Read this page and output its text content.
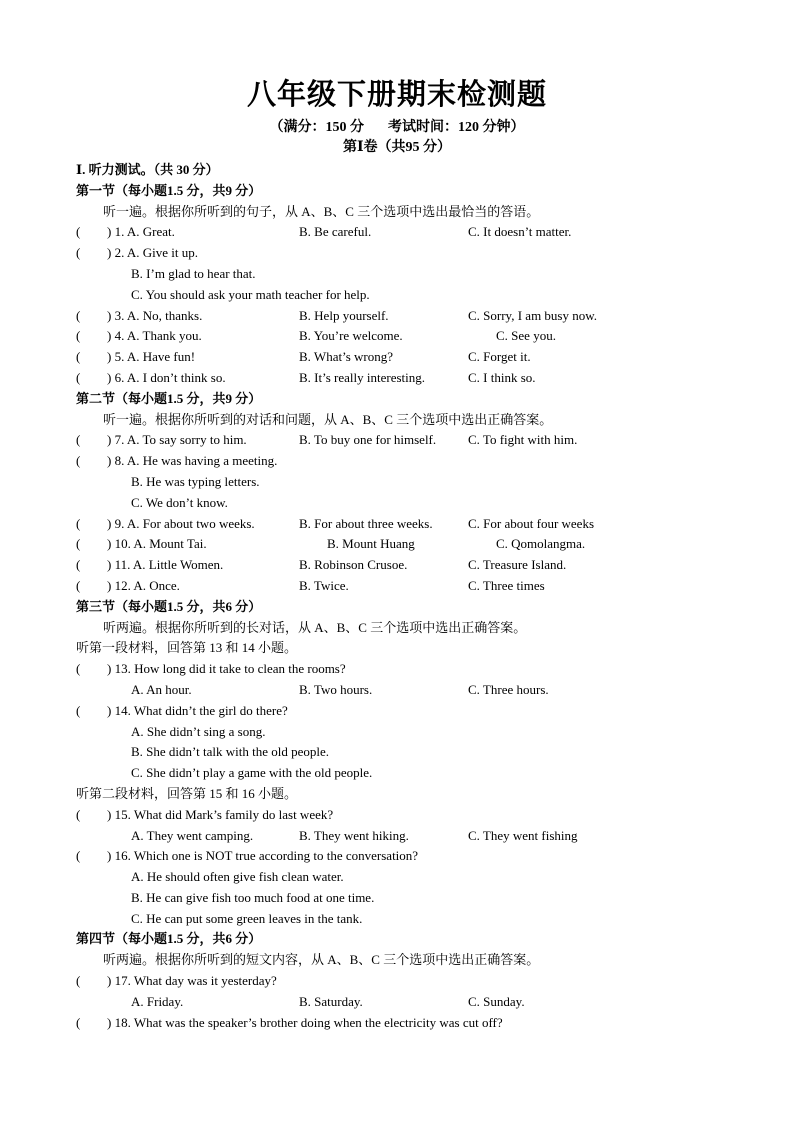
八年级下册期末检测题
（满分：150 分 考试时间：120 分钟）
第Ⅰ卷（共95 分）
Ⅰ. 听力测试。（共 30 分）
第一节（每小题1.5 分，共9 分）
听一遍。根据你所听到的句子，从 A、B、C 三个选项中选出最恰当的答语。
( ) 1. A. Great.	B. Be careful.	C. It doesn’t matter.
( ) 2. A. Give it up.
B. I’m glad to hear that.
C. You should ask your math teacher for help.
( ) 3. A. No, thanks.	B. Help yourself.	C. Sorry, I am busy now.
( ) 4. A. Thank you.	B. You’re welcome.	C. See you.
( ) 5. A. Have fun!	B. What’s wrong?	C. Forget it.
( ) 6. A. I don’t think so.	B. It’s really interesting.	C. I think so.
第二节（每小题1.5 分，共9 分）
听一遍。根据你所听到的对话和问题，从 A、B、C 三个选项中选出正确答案。
( ) 7. A. To say sorry to him.	B. To buy one for himself. C. To fight with him.
( ) 8. A. He was having a meeting.
B. He was typing letters.
C. We don’t know.
( ) 9. A. For about two weeks.	B. For about three weeks.	C. For about four weeks
( ) 10. A. Mount Tai.	B. Mount Huang	C. Qomolangma.
( ) 11. A. Little Women.	B. Robinson Crusoe.	C. Treasure Island.
( ) 12. A. Once.	B. Twice.	C. Three times
第三节（每小题1.5 分，共6 分）
听两遍。根据你所听到的长对话，从 A、B、C 三个选项中选出正确答案。
听第一段材料，回答第 13 和 14 小题。
( ) 13. How long did it take to clean the rooms?
A. An hour.	B. Two hours.	C. Three hours.
( ) 14. What didn’t the girl do there?
A. She didn’t sing a song.
B. She didn’t talk with the old people.
C. She didn’t play a game with the old people.
听第二段材料，回答第 15 和 16 小题。
( ) 15. What did Mark’s family do last week?
A. They went camping.	B. They went hiking.	C. They went fishing
( ) 16. Which one is NOT true according to the conversation?
A. He should often give fish clean water.
B. He can give fish too much food at one time.
C. He can put some green leaves in the tank.
第四节（每小题1.5 分，共6 分）
听两遍。根据你所听到的短文内容，从 A、B、C 三个选项中选出正确答案。
( ) 17. What day was it yesterday?
A. Friday.	B. Saturday.	C. Sunday.
( ) 18. What was the speaker’s brother doing when the electricity was cut off?
